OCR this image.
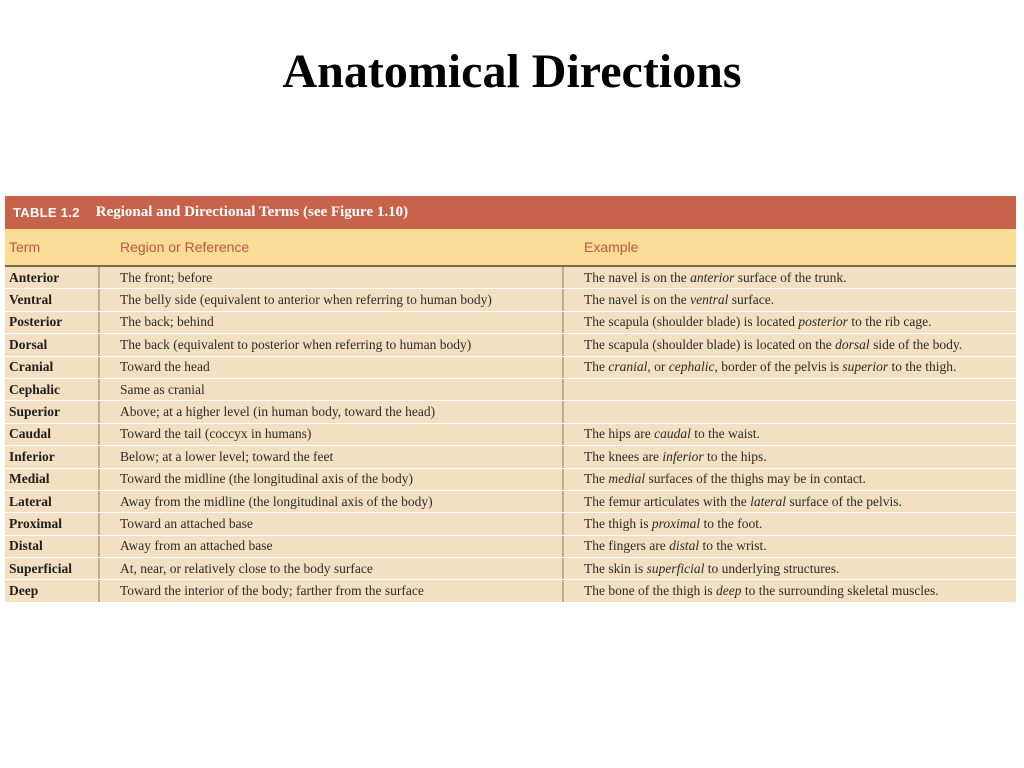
Anatomical Directions
TABLE 1.2 Regional and Directional Terms (see Figure 1.10)
Term	Region or Reference	Example
Anterior	The front; before	The navel is on the anterior surface of the trunk.
Ventral	The belly side (equivalent to anterior when referring to human body)	The navel is on the ventral surface.
Posterior	The back; behind	The scapula (shoulder blade) is located posterior to the rib cage.
Dorsal	The back (equivalent to posterior when referring to human body)	The scapula (shoulder blade) is located on the dorsal side of the body.
Cranial	Toward the head	The cranial , or cephalic , border of the pelvis is superior to the thigh.
Cephalic	Same as cranial
Superior	Above; at a higher level (in human body, toward the head)
Caudal	Toward the tail (coccyx in humans)	The hips are caudal to the waist.
Inferior	Below; at a lower level; toward the feet	The knees are inferior to the hips.
Medial	Toward the midline (the longitudinal axis of the body)	The medial surfaces of the thighs may be in contact.
Lateral	Away from the midline (the longitudinal axis of the body)	The femur articulates with the lateral surface of the pelvis.
Proximal	Toward an attached base	The thigh is proximal to the foot.
Distal	Away from an attached base	The fingers are distal to the wrist.
Superficial	At, near, or relatively close to the body surface	The skin is superficial to underlying structures.
Deep	Toward the interior of the body; farther from the surface	The bone of the thigh is deep to the surrounding skeletal muscles.
